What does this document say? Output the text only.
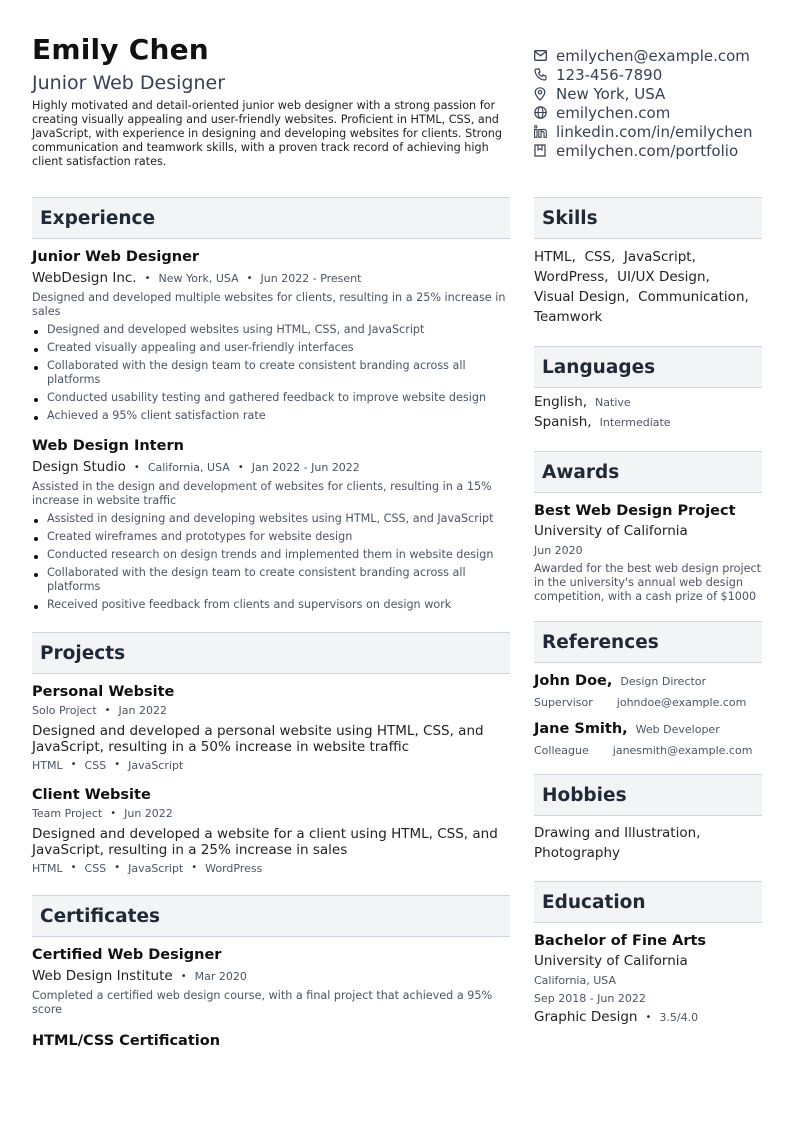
Emily Chen
Junior Web Designer
Highly motivated and detail-oriented junior web designer with a strong passion for creating visually appealing and user-friendly websites. Proficient in HTML, CSS, and JavaScript, with experience in designing and developing websites for clients. Strong communication and teamwork skills, with a proven track record of achieving high client satisfaction rates.
emilychen@example.com
123-456-7890
New York, USA
emilychen.com
linkedin.com/in/emilychen
emilychen.com/portfolio
Experience
Junior Web Designer
WebDesign Inc. • New York, USA • Jun 2022 - Present
Designed and developed multiple websites for clients, resulting in a 25% increase in sales
Designed and developed websites using HTML, CSS, and JavaScript
Created visually appealing and user-friendly interfaces
Collaborated with the design team to create consistent branding across all platforms
Conducted usability testing and gathered feedback to improve website design
Achieved a 95% client satisfaction rate
Web Design Intern
Design Studio • California, USA • Jan 2022 - Jun 2022
Assisted in the design and development of websites for clients, resulting in a 15% increase in website traffic
Assisted in designing and developing websites using HTML, CSS, and JavaScript
Created wireframes and prototypes for website design
Conducted research on design trends and implemented them in website design
Collaborated with the design team to create consistent branding across all platforms
Received positive feedback from clients and supervisors on design work
Projects
Personal Website
Solo Project • Jan 2022
Designed and developed a personal website using HTML, CSS, and JavaScript, resulting in a 50% increase in website traffic
HTML • CSS • JavaScript
Client Website
Team Project • Jun 2022
Designed and developed a website for a client using HTML, CSS, and JavaScript, resulting in a 25% increase in sales
HTML • CSS • JavaScript • WordPress
Certificates
Certified Web Designer
Web Design Institute • Mar 2020
Completed a certified web design course, with a final project that achieved a 95% score
HTML/CSS Certification
Skills
HTML,  CSS,  JavaScript,
WordPress,  UI/UX Design,
Visual Design,  Communication,
Teamwork
Languages
English, Native
Spanish, Intermediate
Awards
Best Web Design Project
University of California
Jun 2020
Awarded for the best web design project in the university's annual web design competition, with a cash prize of $1000
References
John Doe, Design Director
Supervisor johndoe@example.com
Jane Smith, Web Developer
Colleague janesmith@example.com
Hobbies
Drawing and Illustration, Photography
Education
Bachelor of Fine Arts
University of California
California, USA
Sep 2018 - Jun 2022
Graphic Design • 3.5/4.0
